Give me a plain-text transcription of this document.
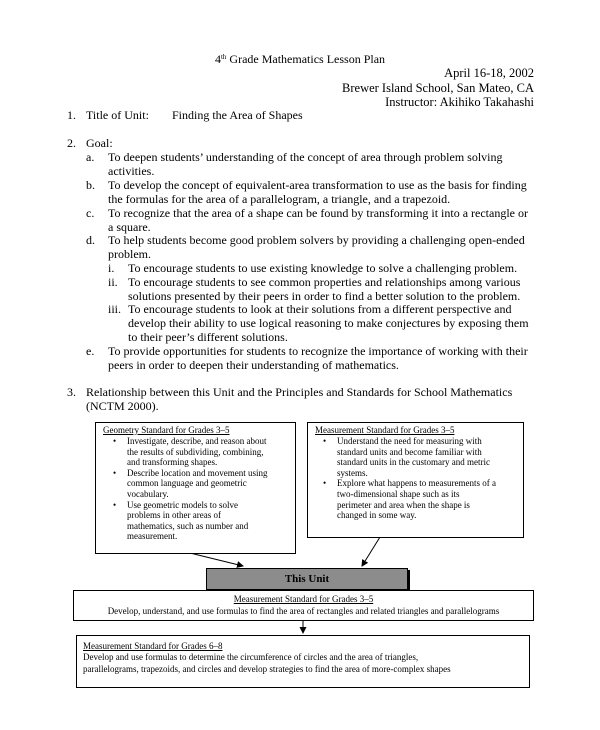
4th Grade Mathematics Lesson Plan
April 16-18, 2002
Brewer Island School, San Mateo, CA
Instructor: Akihiko Takahashi
1. Title of Unit: Finding the Area of Shapes
2. Goal:
a. To deepen students’ understanding of the concept of area through problem solving
activities.
b. To develop the concept of equivalent-area transformation to use as the basis for finding
the formulas for the area of a parallelogram, a triangle, and a trapezoid.
c. To recognize that the area of a shape can be found by transforming it into a rectangle or
a square.
d. To help students become good problem solvers by providing a challenging open-ended
problem.
i. To encourage students to use existing knowledge to solve a challenging problem.
ii. To encourage students to see common properties and relationships among various
solutions presented by their peers in order to find a better solution to the problem.
iii. To encourage students to look at their solutions from a different perspective and
develop their ability to use logical reasoning to make conjectures by exposing them
to their peer’s different solutions.
e. To provide opportunities for students to recognize the importance of working with their
peers in order to deepen their understanding of mathematics.
3. Relationship between this Unit and the Principles and Standards for School Mathematics
(NCTM 2000).
Geometry Standard for Grades 3–5
• Investigate, describe, and reason about
the results of subdividing, combining,
and transforming shapes.
• Describe location and movement using
common language and geometric
vocabulary.
• Use geometric models to solve
problems in other areas of
mathematics, such as number and
measurement.
Measurement Standard for Grades 3–5
• Understand the need for measuring with
standard units and become familiar with
standard units in the customary and metric
systems.
• Explore what happens to measurements of a
two-dimensional shape such as its
perimeter and area when the shape is
changed in some way.
This Unit
Measurement Standard for Grades 3–5
Develop, understand, and use formulas to find the area of rectangles and related triangles and parallelograms
Measurement Standard for Grades 6–8
Develop and use formulas to determine the circumference of circles and the area of triangles,
parallelograms, trapezoids, and circles and develop strategies to find the area of more-complex shapes
